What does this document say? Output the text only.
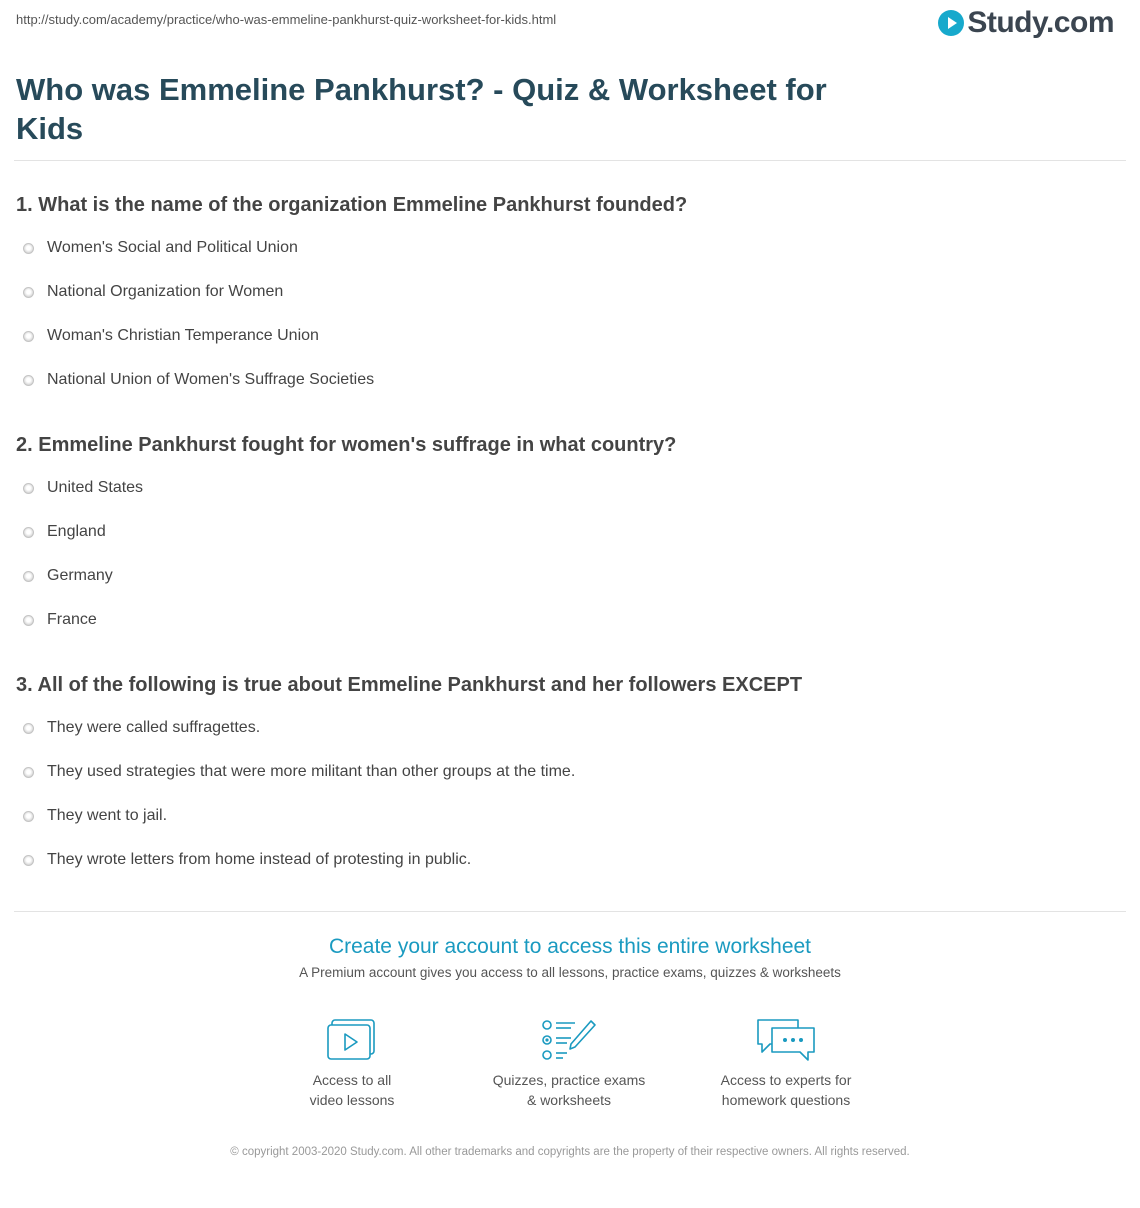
http://study.com/academy/practice/who-was-emmeline-pankhurst-quiz-worksheet-for-kids.html	Study.com
Who was Emmeline Pankhurst? - Quiz & Worksheet for Kids
1. What is the name of the organization Emmeline Pankhurst founded?
Women's Social and Political Union
National Organization for Women
Woman's Christian Temperance Union
National Union of Women's Suffrage Societies
2. Emmeline Pankhurst fought for women's suffrage in what country?
United States
England
Germany
France
3. All of the following is true about Emmeline Pankhurst and her followers EXCEPT
They were called suffragettes.
They used strategies that were more militant than other groups at the time.
They went to jail.
They wrote letters from home instead of protesting in public.
Create your account to access this entire worksheet
A Premium account gives you access to all lessons, practice exams, quizzes & worksheets
Access to all
video lessons
Quizzes, practice exams
& worksheets
Access to experts for
homework questions
© copyright 2003-2020 Study.com. All other trademarks and copyrights are the property of their respective owners. All rights reserved.
